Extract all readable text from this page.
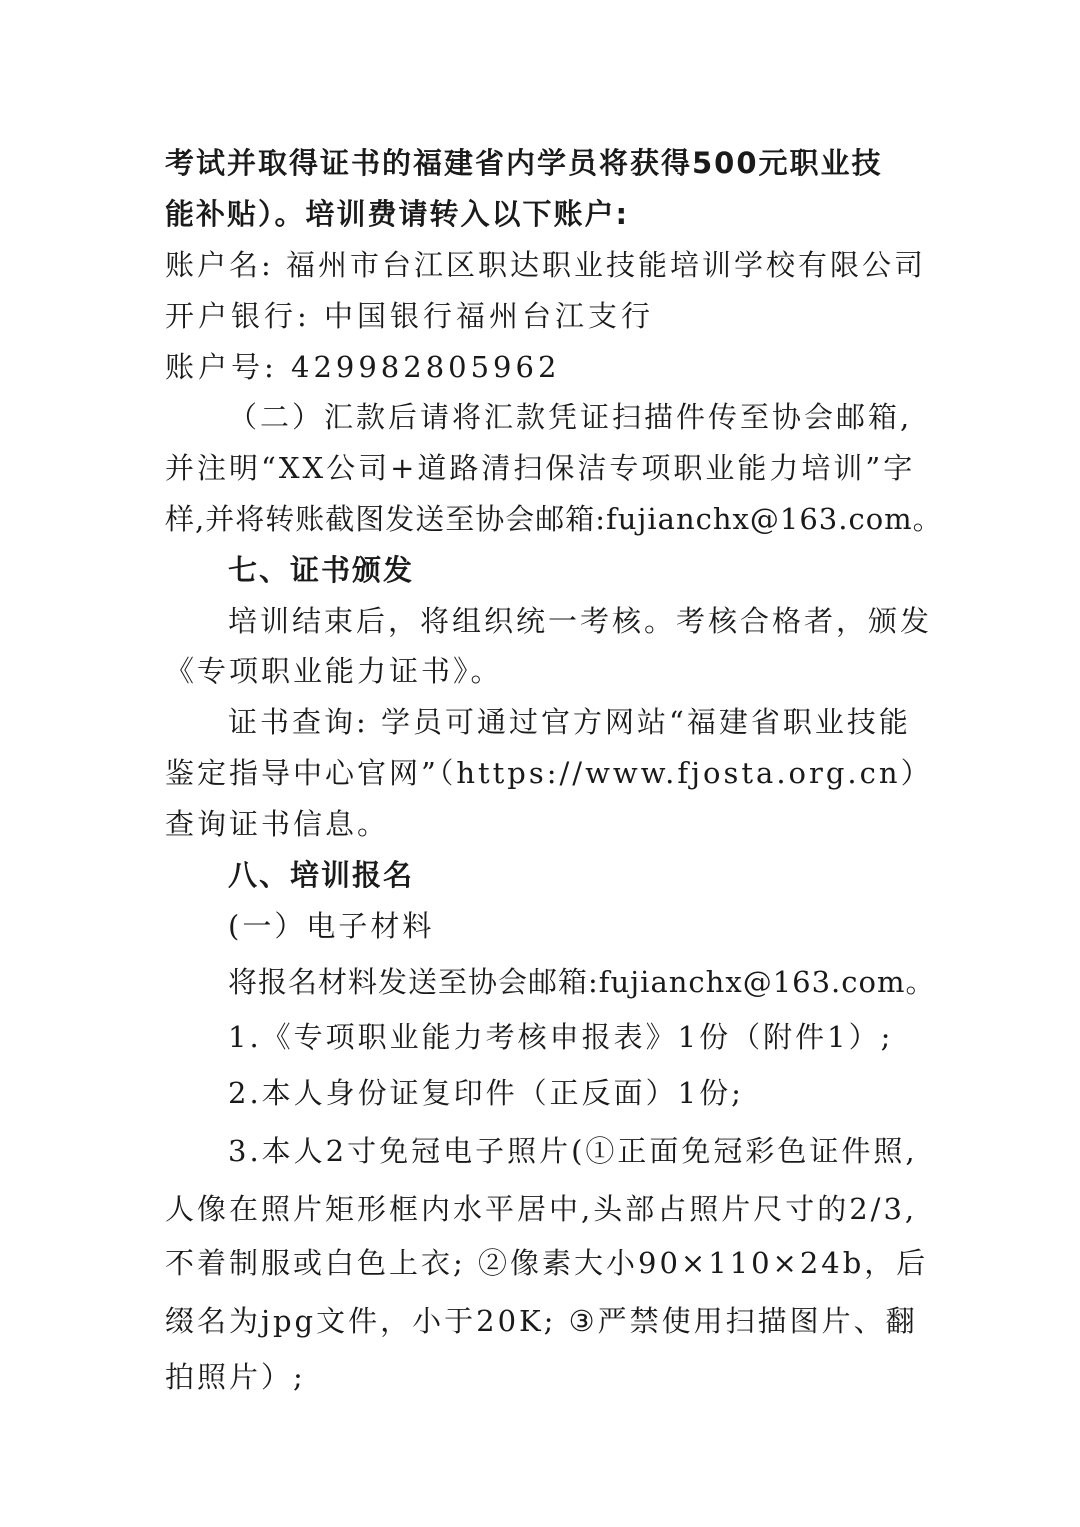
考试并取得证书的福建省内学员将获得500元职业技
能补贴）。培训费请转入以下账户:
账户名: 福州市台江区职达职业技能培训学校有限公司
开户银行: 中国银行福州台江支行
账户号: 429982805962
（二）汇款后请将汇款凭证扫描件传至协会邮箱,
并注明“XX公司+道路清扫保洁专项职业能力培训”字
样,并将转账截图发送至协会邮箱:fujianchx@163.com。
七、证书颁发
培训结束后，将组织统一考核。考核合格者，颁发
《专项职业能力证书》。
证书查询: 学员可通过官方网站“福建省职业技能
鉴定指导中心官网”（https://www.fjosta.org.cn）
查询证书信息。
八、培训报名
(一）电子材料
将报名材料发送至协会邮箱:fujianchx@163.com。
1.《专项职业能力考核申报表》1份（附件1）;
2.本人身份证复印件（正反面）1份;
3.本人2寸免冠电子照片(①正面免冠彩色证件照,
人像在照片矩形框内水平居中,头部占照片尺寸的2/3,
不着制服或白色上衣; ②像素大小90×110×24b，后
缀名为jpg文件，小于20K; ③严禁使用扫描图片、翻
拍照片）;
